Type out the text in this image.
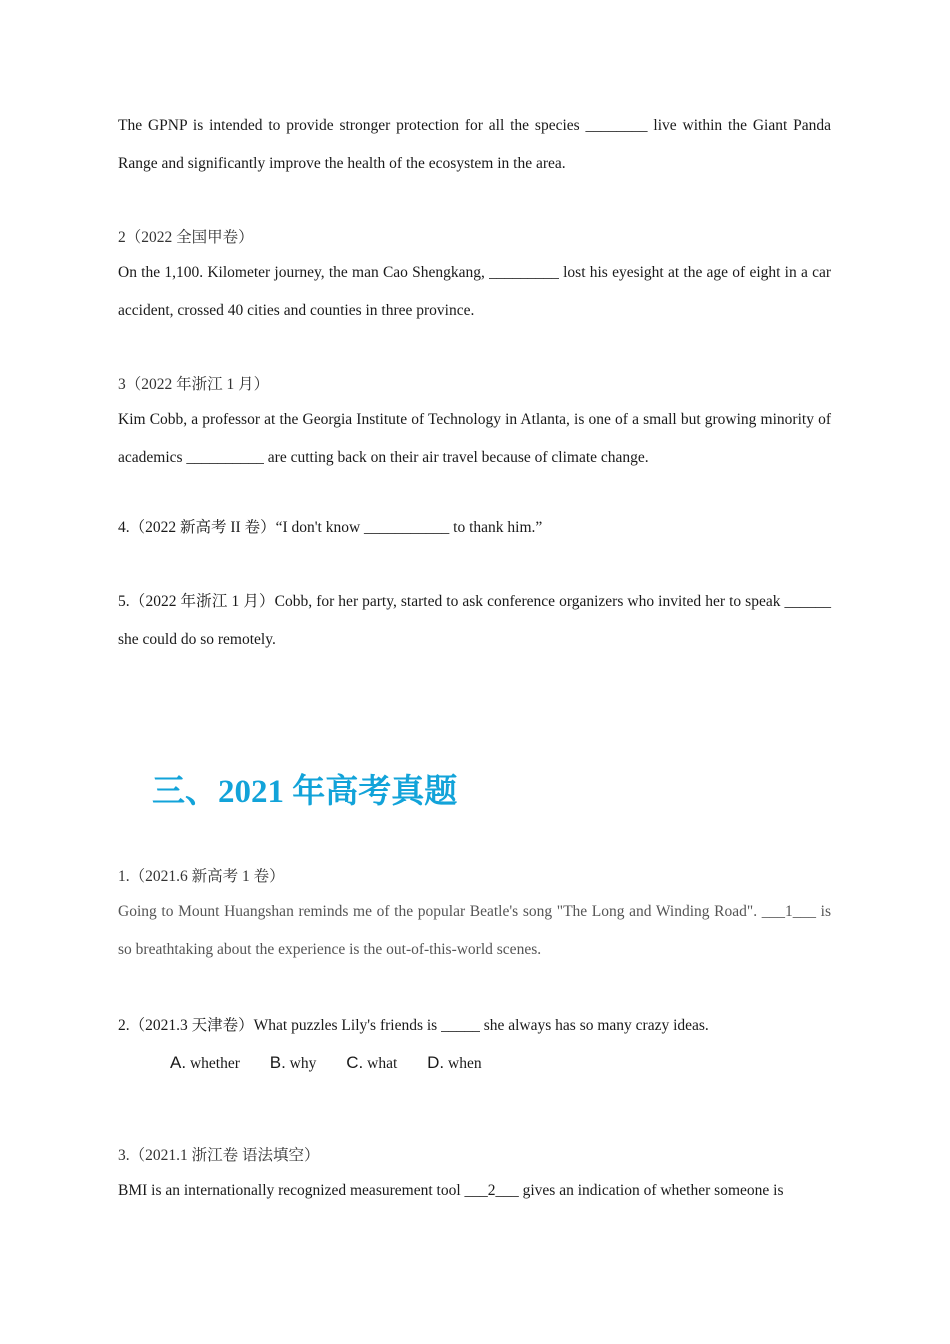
The GPNP is intended to provide stronger protection for all the species ________ live within the Giant Panda Range and significantly improve the health of the ecosystem in the area.
2（2022 全国甲卷）
On the 1,100. Kilometer journey, the man Cao Shengkang, _________ lost his eyesight at the age of eight in a car accident, crossed 40 cities and counties in three province.
3（2022 年浙江 1 月）
Kim Cobb, a professor at the Georgia Institute of Technology in Atlanta, is one of a small but growing minority of academics __________ are cutting back on their air travel because of climate change.
4.（2022 新高考 II 卷）“I don't know ___________ to thank him.”
5.（2022 年浙江 1 月）Cobb, for her party, started to ask conference organizers who invited her to speak ______ she could do so remotely.
三、2021 年高考真题
1.（2021.6 新高考 1 卷）
Going to Mount Huangshan reminds me of the popular Beatle's song "The Long and Winding Road". ___1___ is so breathtaking about the experience is the out-of-this-world scenes.
2.（2021.3 天津卷）What puzzles Lily's friends is _____ she always has so many crazy ideas.
A. whether B. why C. what D. when
3.（2021.1 浙江卷 语法填空）
BMI is an internationally recognized measurement tool ___2___ gives an indication of whether someone is
